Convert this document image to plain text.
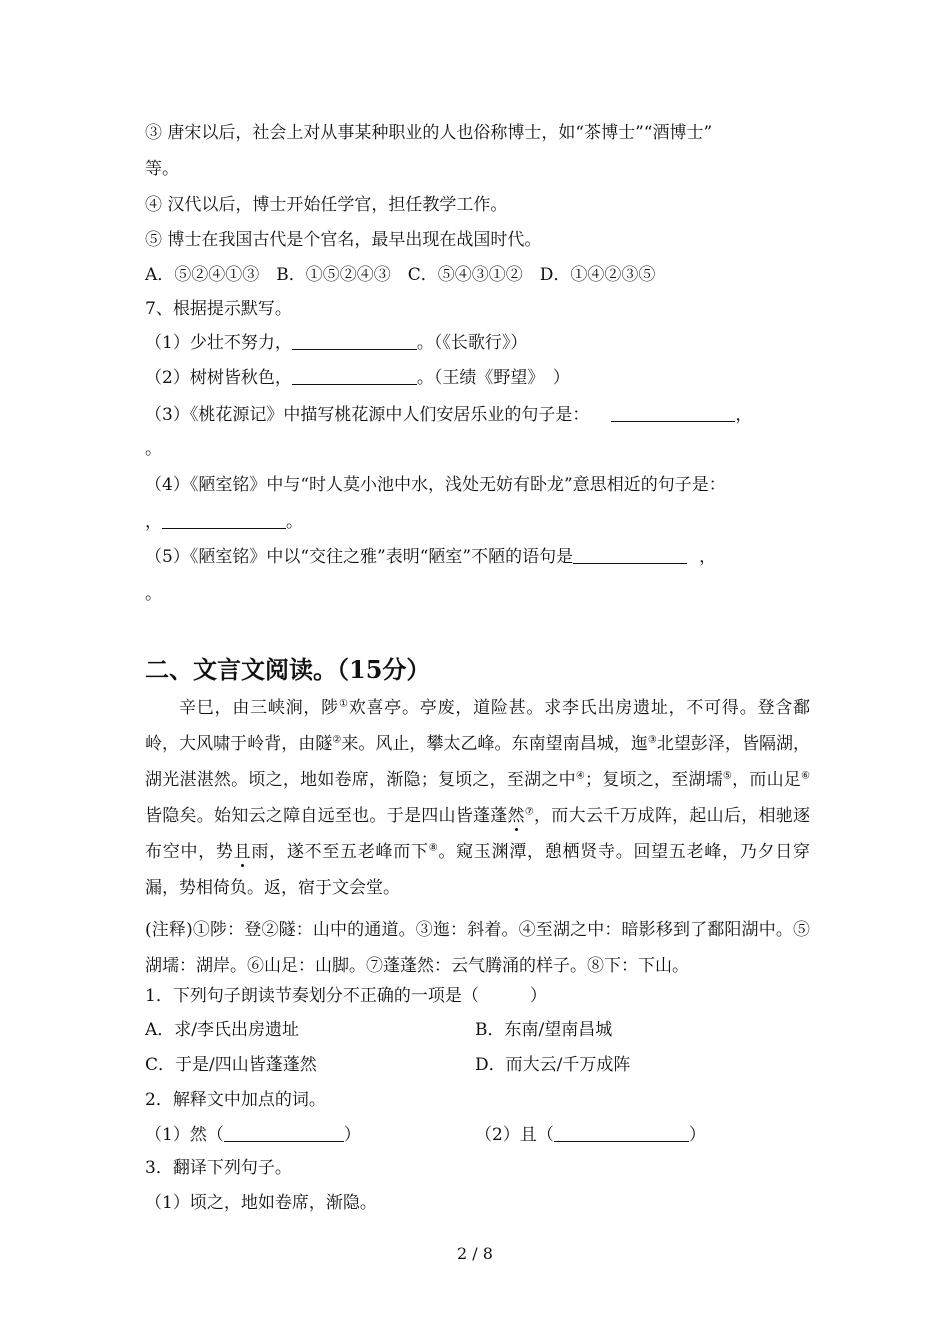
③ 唐宋以后，社会上对从事某种职业的人也俗称博士，如“茶博士”“酒博士”
等。
④ 汉代以后，博士开始任学官，担任教学工作。
⑤ 博士在我国古代是个官名，最早出现在战国时代。
A．⑤②④①③　B．①⑤②④③　C．⑤④③①②　D．①④②③⑤
7、根据提示默写。
（1）少壮不努力，	。（《长歌行》）
（2）树树皆秋色，	。（王绩《野望》　）
（3）《桃花源记》中描写桃花源中人们安居乐业的句子是：	，
。
（4）《陋室铭》中与“时人莫小池中水，浅处无妨有卧龙”意思相近的句子是：
，	。
（5）《陋室铭》中以“交往之雅”表明“陋室”不陋的语句是	，
。
二、文言文阅读。（15分）
辛巳，由三峡涧，陟①欢喜亭。亭废，道险甚。求李氏出房遗址，不可得。登含鄱岭，大风啸于岭背，由隧②来。风止，攀太乙峰。东南望南昌城，迤③北望彭泽，皆隔湖，湖光湛湛然。顷之，地如卷席，渐隐；复顷之，至湖之中④；复顷之，至湖壖⑤，而山足⑥皆隐矣。始知云之障自远至也。于是四山皆蓬蓬然⑦，而大云千万成阵，起山后，相驰逐布空中，势且雨，遂不至五老峰而下⑧。窥玉渊潭，憩栖贤寺。回望五老峰，乃夕日穿漏，势相倚负。返，宿于文会堂。
(注释)①陟：登②隧：山中的通道。③迤：斜着。④至湖之中：暗影移到了鄱阳湖中。⑤湖壖：湖岸。⑥山足：山脚。⑦蓬蓬然：云气腾涌的样子。⑧下：下山。
1．下列句子朗读节奏划分不正确的一项是（　　　）
A．求/李氏出房遗址	B．东南/望南昌城
C．于是/四山皆蓬蓬然	D．而大云/千万成阵
2．解释文中加点的词。
（1）然（	）	（2）且（	）
3．翻译下列句子。
（1）顷之，地如卷席，渐隐。
2 / 8
